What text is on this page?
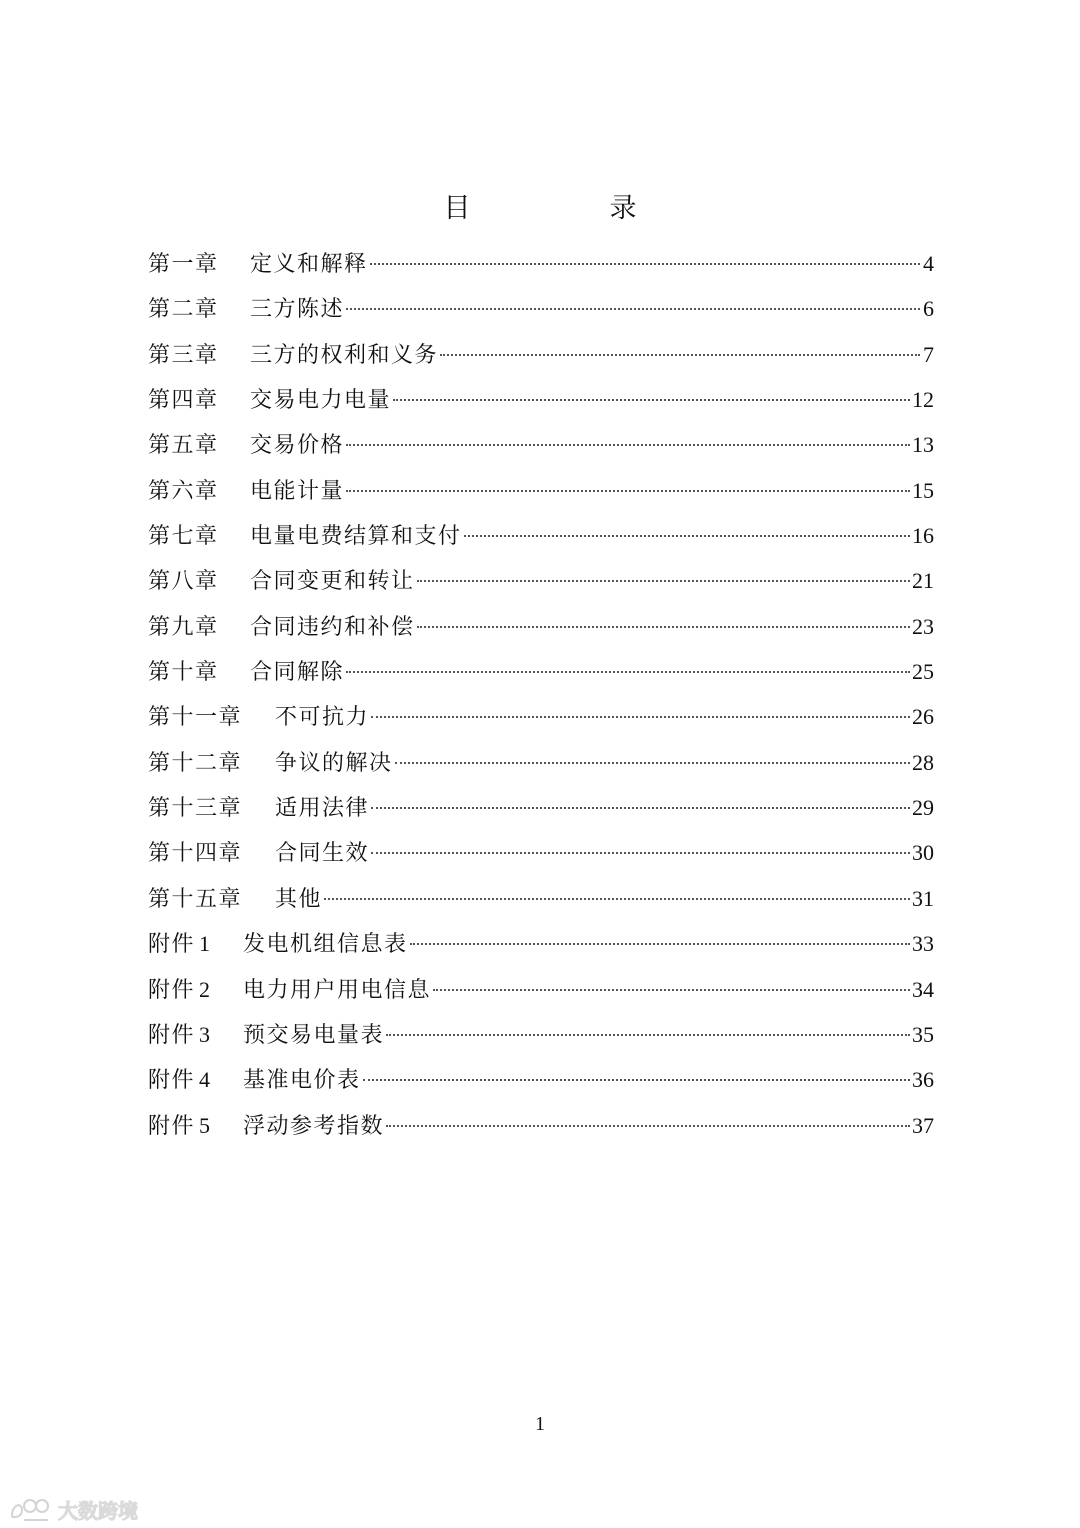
目　录
第一章	定义和解释	4
第二章	三方陈述	6
第三章	三方的权利和义务	7
第四章	交易电力电量	12
第五章	交易价格	13
第六章	电能计量	15
第七章	电量电费结算和支付	16
第八章	合同变更和转让	21
第九章	合同违约和补偿	23
第十章	合同解除	25
第十一章	不可抗力	26
第十二章	争议的解决	28
第十三章	适用法律	29
第十四章	合同生效	30
第十五章	其他	31
附件 1	发电机组信息表	33
附件 2	电力用户用电信息	34
附件 3	预交易电量表	35
附件 4	基准电价表	36
附件 5	浮动参考指数	37
1
大数跨境
